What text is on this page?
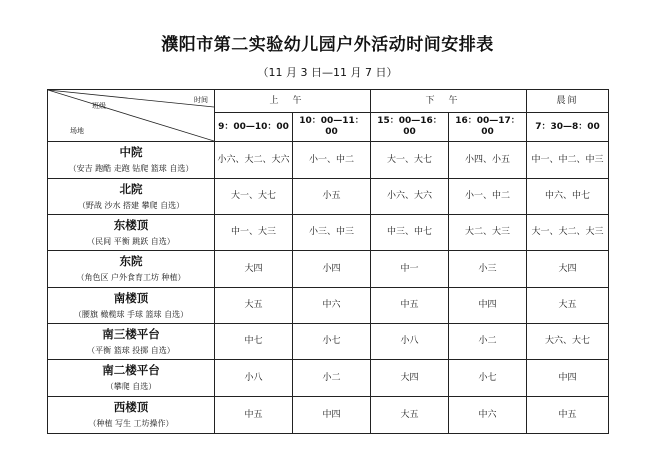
濮阳市第二实验幼儿园户外活动时间安排表
（11 月 3 日—11 月 7 日）
时间
班级
场地	上午		下午		晨间
	9：00—10：00	10：00—11：00	15：00—16：00	16：00—17：00	7：30—8：00

中院
（安吉 跑酷 走跑 钻爬 篮球 自选）	小六、大二、大六	小一、中二	大一、大七	小四、小五	中一、中二、中三

北院
（野战 沙水 搭建 攀爬 自选）	大一、大七	小五	小六、大六	小一、中二	中六、中七

东楼顶
（民间 平衡 跳跃 自选）	中一、大三	小三、中三	中三、中七	大二、大三	大一、大二、大三

东院
（角色区 户外食育工坊 种植）	大四	小四	中一	小三	大四

南楼顶
（腰旗 橄榄球 手球 篮球 自选）	大五	中六	中五	中四	大五

南三楼平台
（平衡 篮球 投掷 自选）	中七	小七	小八	小二	大六、大七

南二楼平台
（攀爬 自选）	小八	小二	大四	小七	中四

西楼顶
（种植 写生 工坊操作）	中五	中四	大五	中六	中五
